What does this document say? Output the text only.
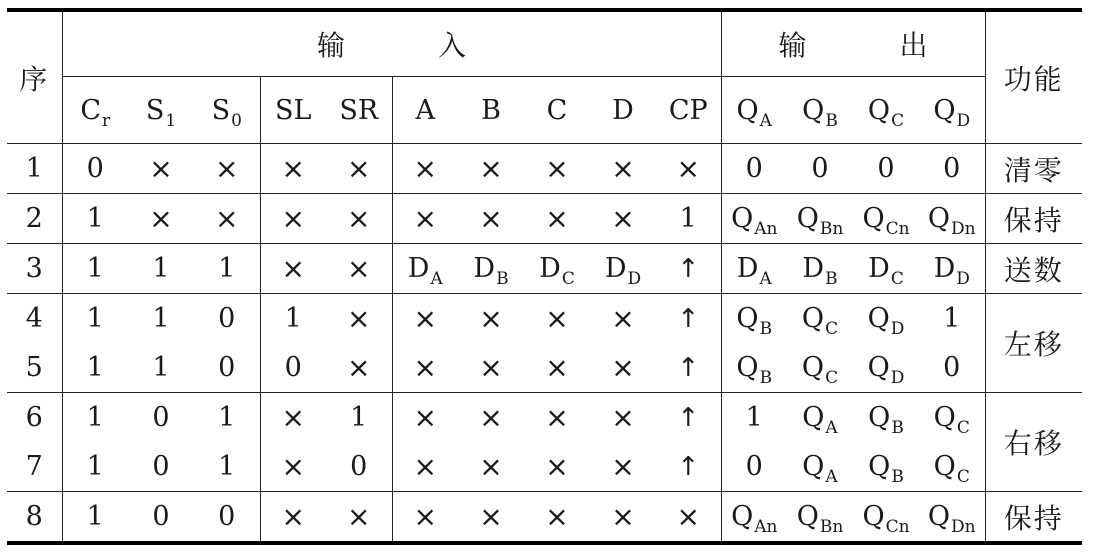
序	输 入										输 出				功能
	$C_r$	$S_1$	$S_0$	SL	SR	A	B	C	D	CP	$Q_A$	$Q_B$	$Q_C$	$Q_D$
1	0	×	×	×	×	×	×	×	×	×	0	0	0	0	清零
2	1	×	×	×	×	×	×	×	×	1	$Q_{An}$	$Q_{Bn}$	$Q_{Cn}$	$Q_{Dn}$	保持
3	1	1	1	×	×	$D_A$	$D_B$	$D_C$	$D_D$	↑	$D_A$	$D_B$	$D_C$	$D_D$	送数
4	1	1	0	1	×	×	×	×	×	↑	$Q_B$	$Q_C$	$Q_D$	1	左移
5	1	1	0	0	×	×	×	×	×	↑	$Q_B$	$Q_C$	$Q_D$	0	
6	1	0	1	×	1	×	×	×	×	↑	1	$Q_A$	$Q_B$	$Q_C$	右移
7	1	0	1	×	0	×	×	×	×	↑	0	$Q_A$	$Q_B$	$Q_C$
8	1	0	0	×	×	×	×	×	×	×	$Q_{An}$	$Q_{Bn}$	$Q_{Cn}$	$Q_{Dn}$	保持
